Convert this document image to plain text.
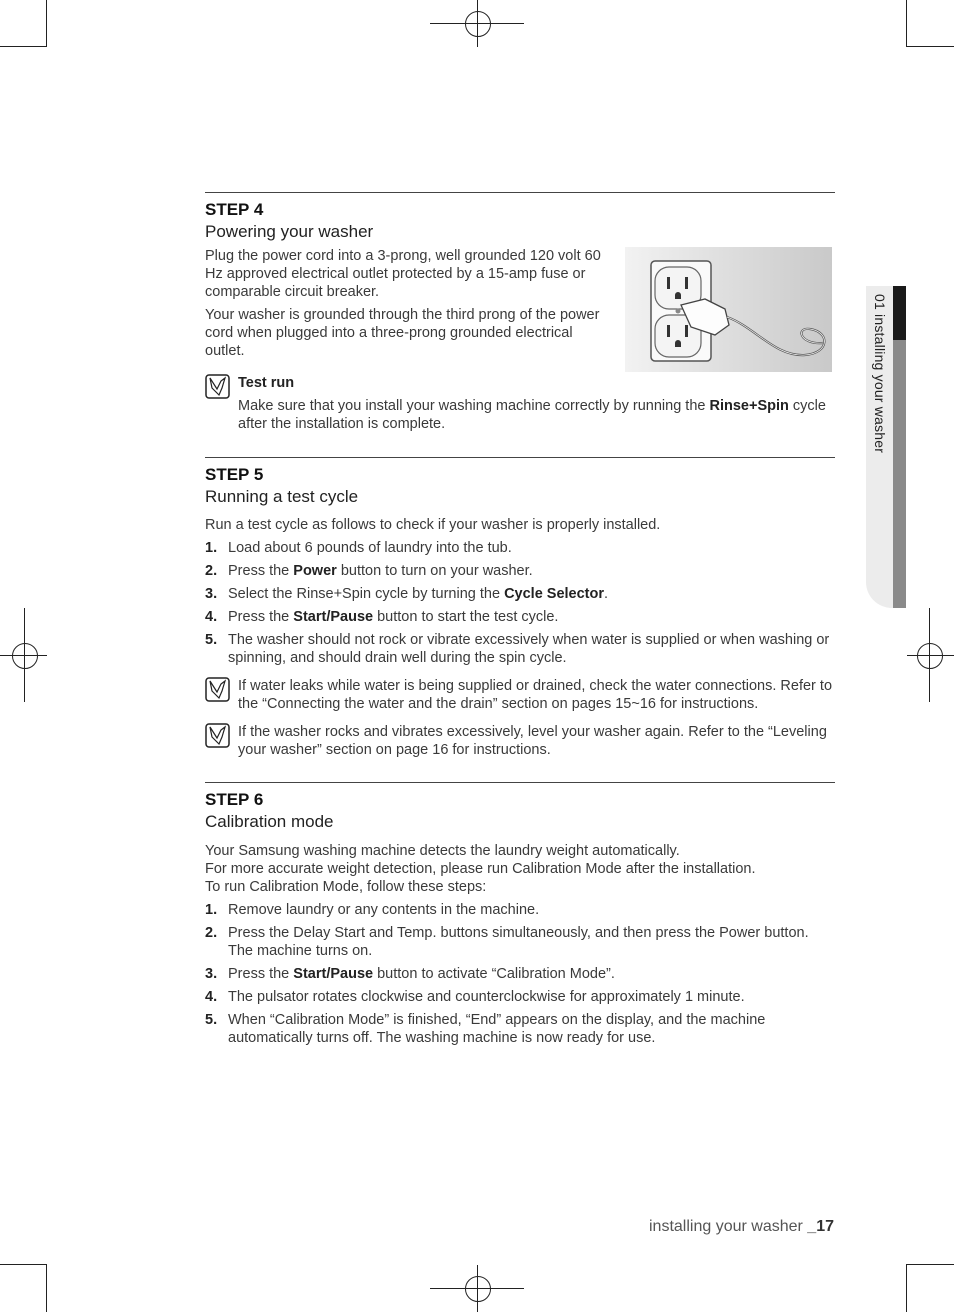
01 installing your washer
STEP 4
Powering your washer

Plug the power cord into a 3-prong, well grounded 120 volt 60 Hz approved electrical outlet protected by a 15-amp fuse or comparable circuit breaker.

Your washer is grounded through the third prong of the power cord when plugged into a three-prong grounded electrical outlet.

Test run

Make sure that you install your washing machine correctly by running the Rinse+Spin cycle after the installation is complete.

STEP 5
Running a test cycle

Run a test cycle as follows to check if your washer is properly installed.

1. Load about 6 pounds of laundry into the tub.
2. Press the Power button to turn on your washer.
3. Select the Rinse+Spin cycle by turning the Cycle Selector.
4. Press the Start/Pause button to start the test cycle.
5. The washer should not rock or vibrate excessively when water is supplied or when washing or spinning, and should drain well during the spin cycle.

If water leaks while water is being supplied or drained, check the water connections. Refer to the “Connecting the water and the drain” section on pages 15~16 for instructions.

If the washer rocks and vibrates excessively, level your washer again. Refer to the “Leveling your washer” section on page 16 for instructions.

STEP 6
Calibration mode

Your Samsung washing machine detects the laundry weight automatically.

For more accurate weight detection, please run Calibration Mode after the installation.

To run Calibration Mode, follow these steps:

1. Remove laundry or any contents in the machine.
2. Press the Delay Start and Temp. buttons simultaneously, and then press the Power button. The machine turns on.
3. Press the Start/Pause button to activate “Calibration Mode”.
4. The pulsator rotates clockwise and counterclockwise for approximately 1 minute.
5. When “Calibration Mode” is finished, “End” appears on the display, and the machine automatically turns off. The washing machine is now ready for use.
installing your washer _17
